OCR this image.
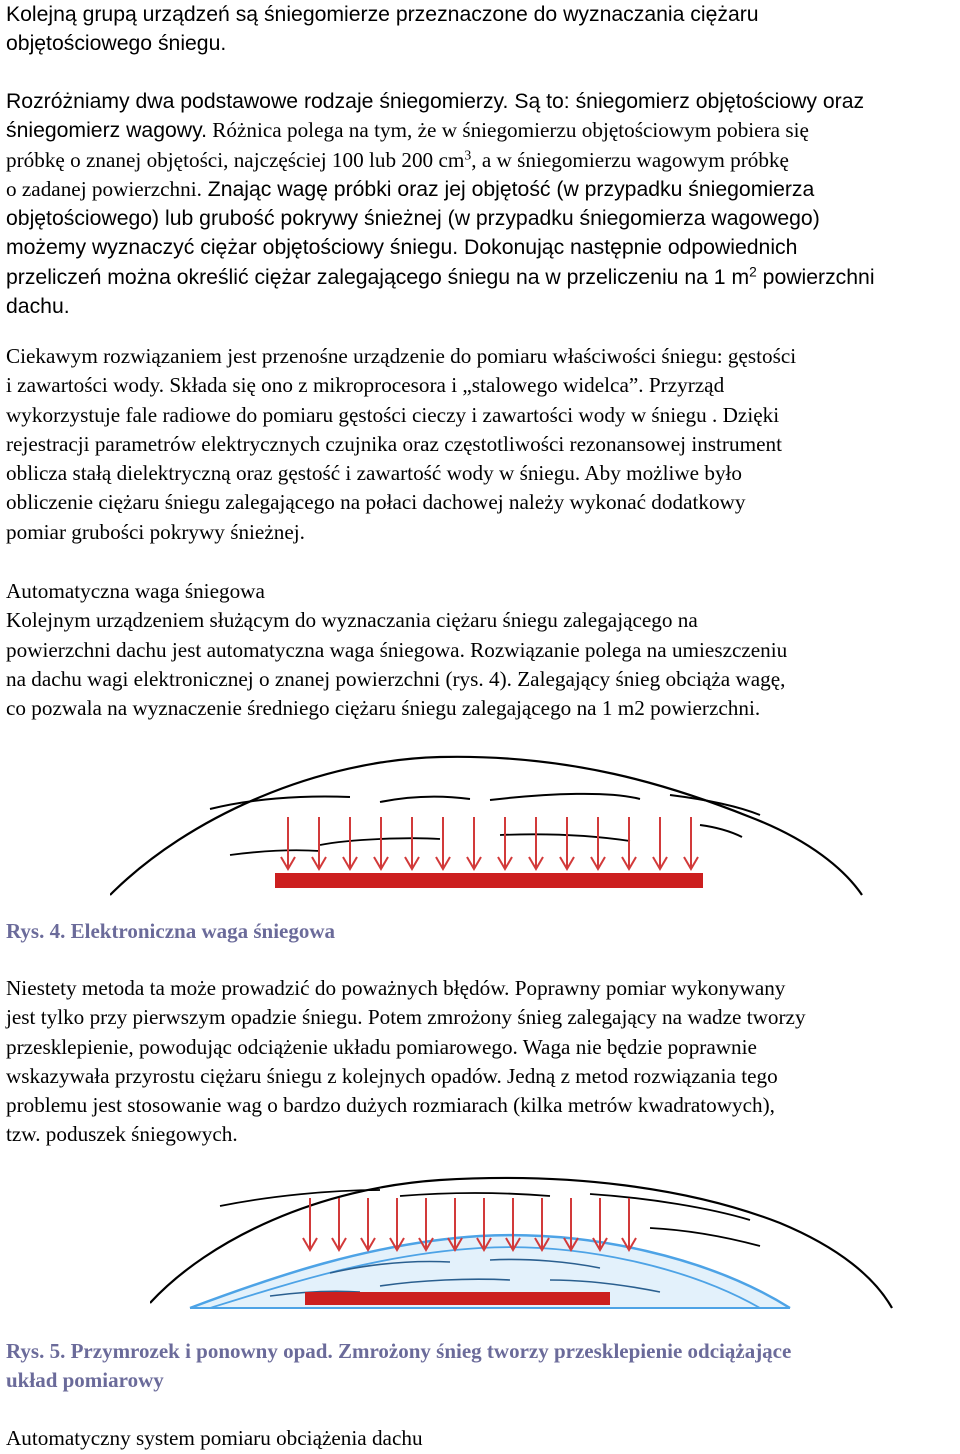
Kolejną grupą urządzeń są śniegomierze przeznaczone do wyznaczania ciężaru
objętościowego śniegu.
Rozróżniamy dwa podstawowe rodzaje śniegomierzy. Są to: śniegomierz objętościowy oraz
śniegomierz wagowy. Różnica polega na tym, że w śniegomierzu objętościowym pobiera się
próbkę o znanej objętości, najczęściej 100 lub 200 $cm^3$, a w śniegomierzu wagowym próbkę
o zadanej powierzchni. Znając wagę próbki oraz jej objętość (w przypadku śniegomierza
objętościowego) lub grubość pokrywy śnieżnej (w przypadku śniegomierza wagowego)
możemy wyznaczyć ciężar objętościowy śniegu. Dokonując następnie odpowiednich
przeliczeń można określić ciężar zalegającego śniegu na w przeliczeniu na 1 $m^2$ powierzchni
dachu.
Ciekawym rozwiązaniem jest przenośne urządzenie do pomiaru właściwości śniegu: gęstości
i zawartości wody. Składa się ono z mikroprocesora i „stalowego widelca”. Przyrząd
wykorzystuje fale radiowe do pomiaru gęstości cieczy i zawartości wody w śniegu . Dzięki
rejestracji parametrów elektrycznych czujnika oraz częstotliwości rezonansowej instrument
oblicza stałą dielektryczną oraz gęstość i zawartość wody w śniegu. Aby możliwe było
obliczenie ciężaru śniegu zalegającego na połaci dachowej należy wykonać dodatkowy
pomiar grubości pokrywy śnieżnej.
Automatyczna waga śniegowa
Kolejnym urządzeniem służącym do wyznaczania ciężaru śniegu zalegającego na
powierzchni dachu jest automatyczna waga śniegowa. Rozwiązanie polega na umieszczeniu
na dachu wagi elektronicznej o znanej powierzchni (rys. 4). Zalegający śnieg obciąża wagę,
co pozwala na wyznaczenie średniego ciężaru śniegu zalegającego na 1 m2 powierzchni.
Rys. 4. Elektroniczna waga śniegowa
Niestety metoda ta może prowadzić do poważnych błędów. Poprawny pomiar wykonywany
jest tylko przy pierwszym opadzie śniegu. Potem zmrożony śnieg zalegający na wadze tworzy
przesklepienie, powodując odciążenie układu pomiarowego. Waga nie będzie poprawnie
wskazywała przyrostu ciężaru śniegu z kolejnych opadów. Jedną z metod rozwiązania tego
problemu jest stosowanie wag o bardzo dużych rozmiarach (kilka metrów kwadratowych),
tzw. poduszek śniegowych.
Rys. 5. Przymrozek i ponowny opad. Zmrożony śnieg tworzy przesklepienie odciążające
układ pomiarowy
Automatyczny system pomiaru obciążenia dachu
